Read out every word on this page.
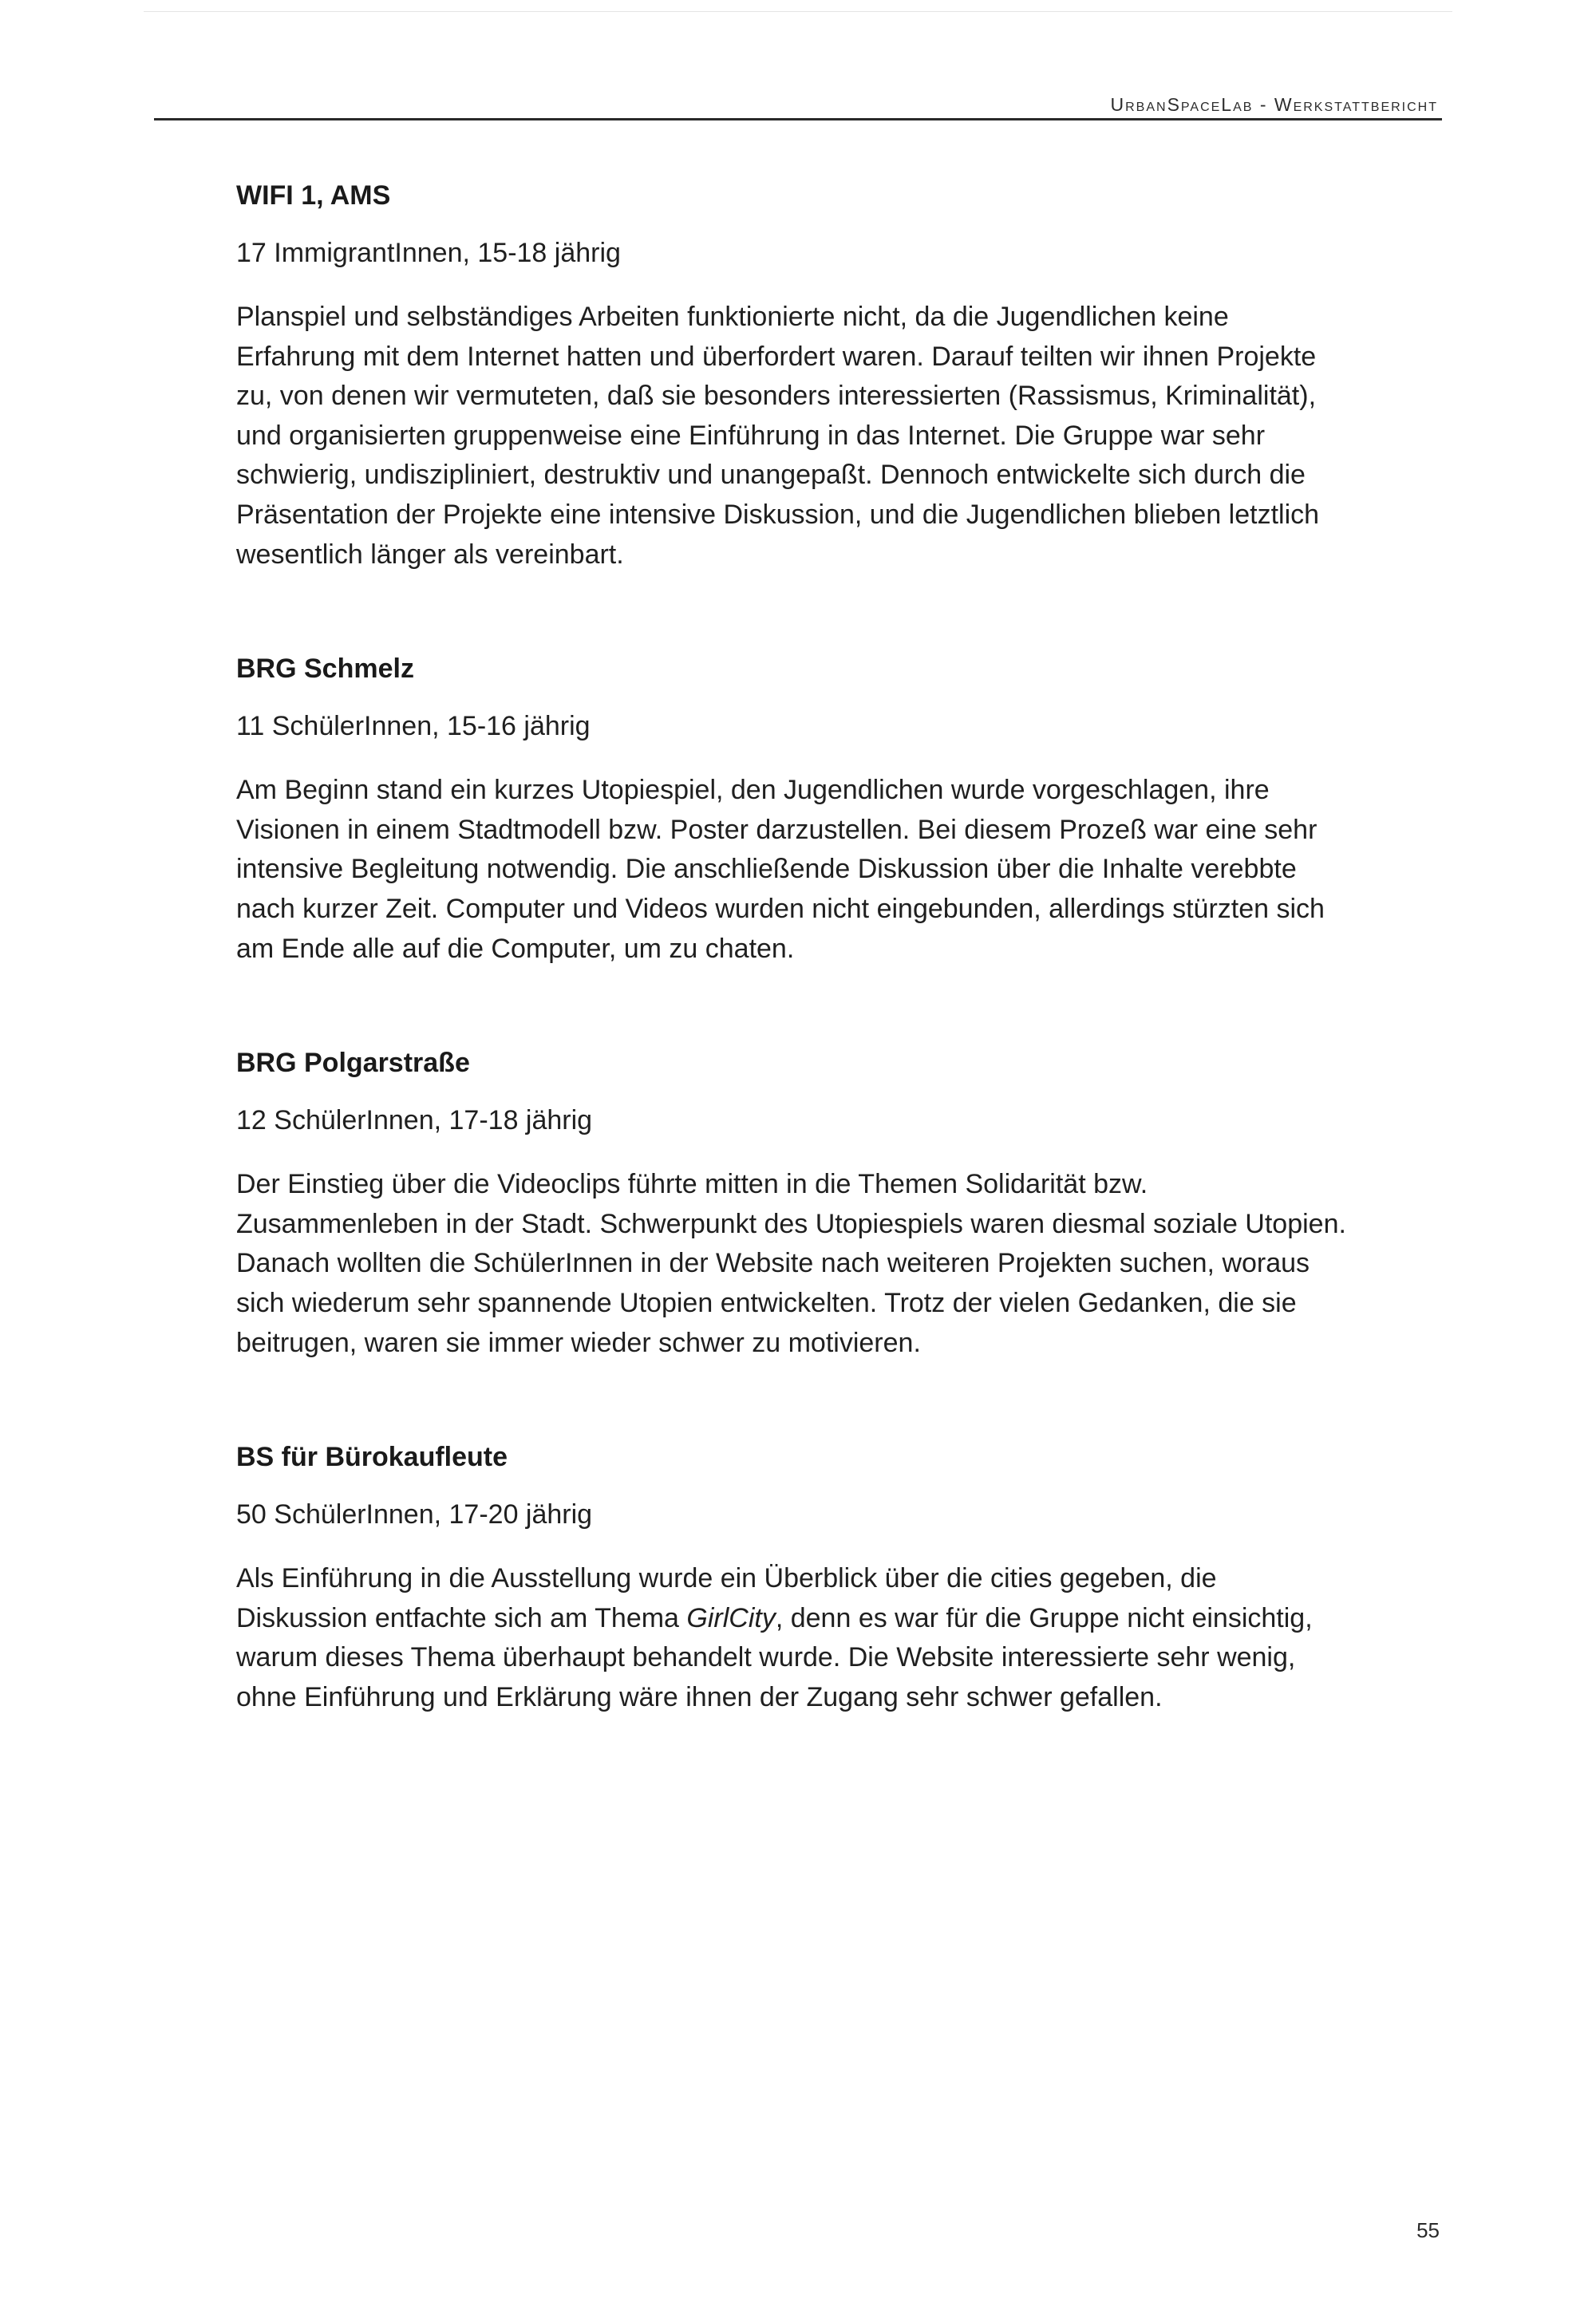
UrbanSpaceLab - Werkstattbericht
WIFI 1, AMS
17 ImmigrantInnen, 15-18 jährig

Planspiel und selbständiges Arbeiten funktionierte nicht, da die Jugendlichen keine
Erfahrung mit dem Internet hatten und überfordert waren. Darauf teilten wir ihnen Projekte
zu, von denen wir vermuteten, daß sie besonders interessierten (Rassismus, Kriminalität),
und organisierten gruppenweise eine Einführung in das Internet. Die Gruppe war sehr
schwierig, undiszipliniert, destruktiv und unangepaßt. Dennoch entwickelte sich durch die
Präsentation der Projekte eine intensive Diskussion, und die Jugendlichen blieben letztlich
wesentlich länger als vereinbart.

BRG Schmelz
11 SchülerInnen, 15-16 jährig

Am Beginn stand ein kurzes Utopiespiel, den Jugendlichen wurde vorgeschlagen, ihre
Visionen in einem Stadtmodell bzw. Poster darzustellen. Bei diesem Prozeß war eine sehr
intensive Begleitung notwendig. Die anschließende Diskussion über die Inhalte verebbte
nach kurzer Zeit. Computer und Videos wurden nicht eingebunden, allerdings stürzten sich
am Ende alle auf die Computer, um zu chaten.

BRG Polgarstraße
12 SchülerInnen, 17-18 jährig

Der Einstieg über die Videoclips führte mitten in die Themen Solidarität bzw.
Zusammenleben in der Stadt. Schwerpunkt des Utopiespiels waren diesmal soziale Utopien.
Danach wollten die SchülerInnen in der Website nach weiteren Projekten suchen, woraus
sich wiederum sehr spannende Utopien entwickelten. Trotz der vielen Gedanken, die sie
beitrugen, waren sie immer wieder schwer zu motivieren.

BS für Bürokaufleute
50 SchülerInnen, 17-20 jährig

Als Einführung in die Ausstellung wurde ein Überblick über die cities gegeben, die
Diskussion entfachte sich am Thema GirlCity, denn es war für die Gruppe nicht einsichtig,
warum dieses Thema überhaupt behandelt wurde. Die Website interessierte sehr wenig,
ohne Einführung und Erklärung wäre ihnen der Zugang sehr schwer gefallen.

55
